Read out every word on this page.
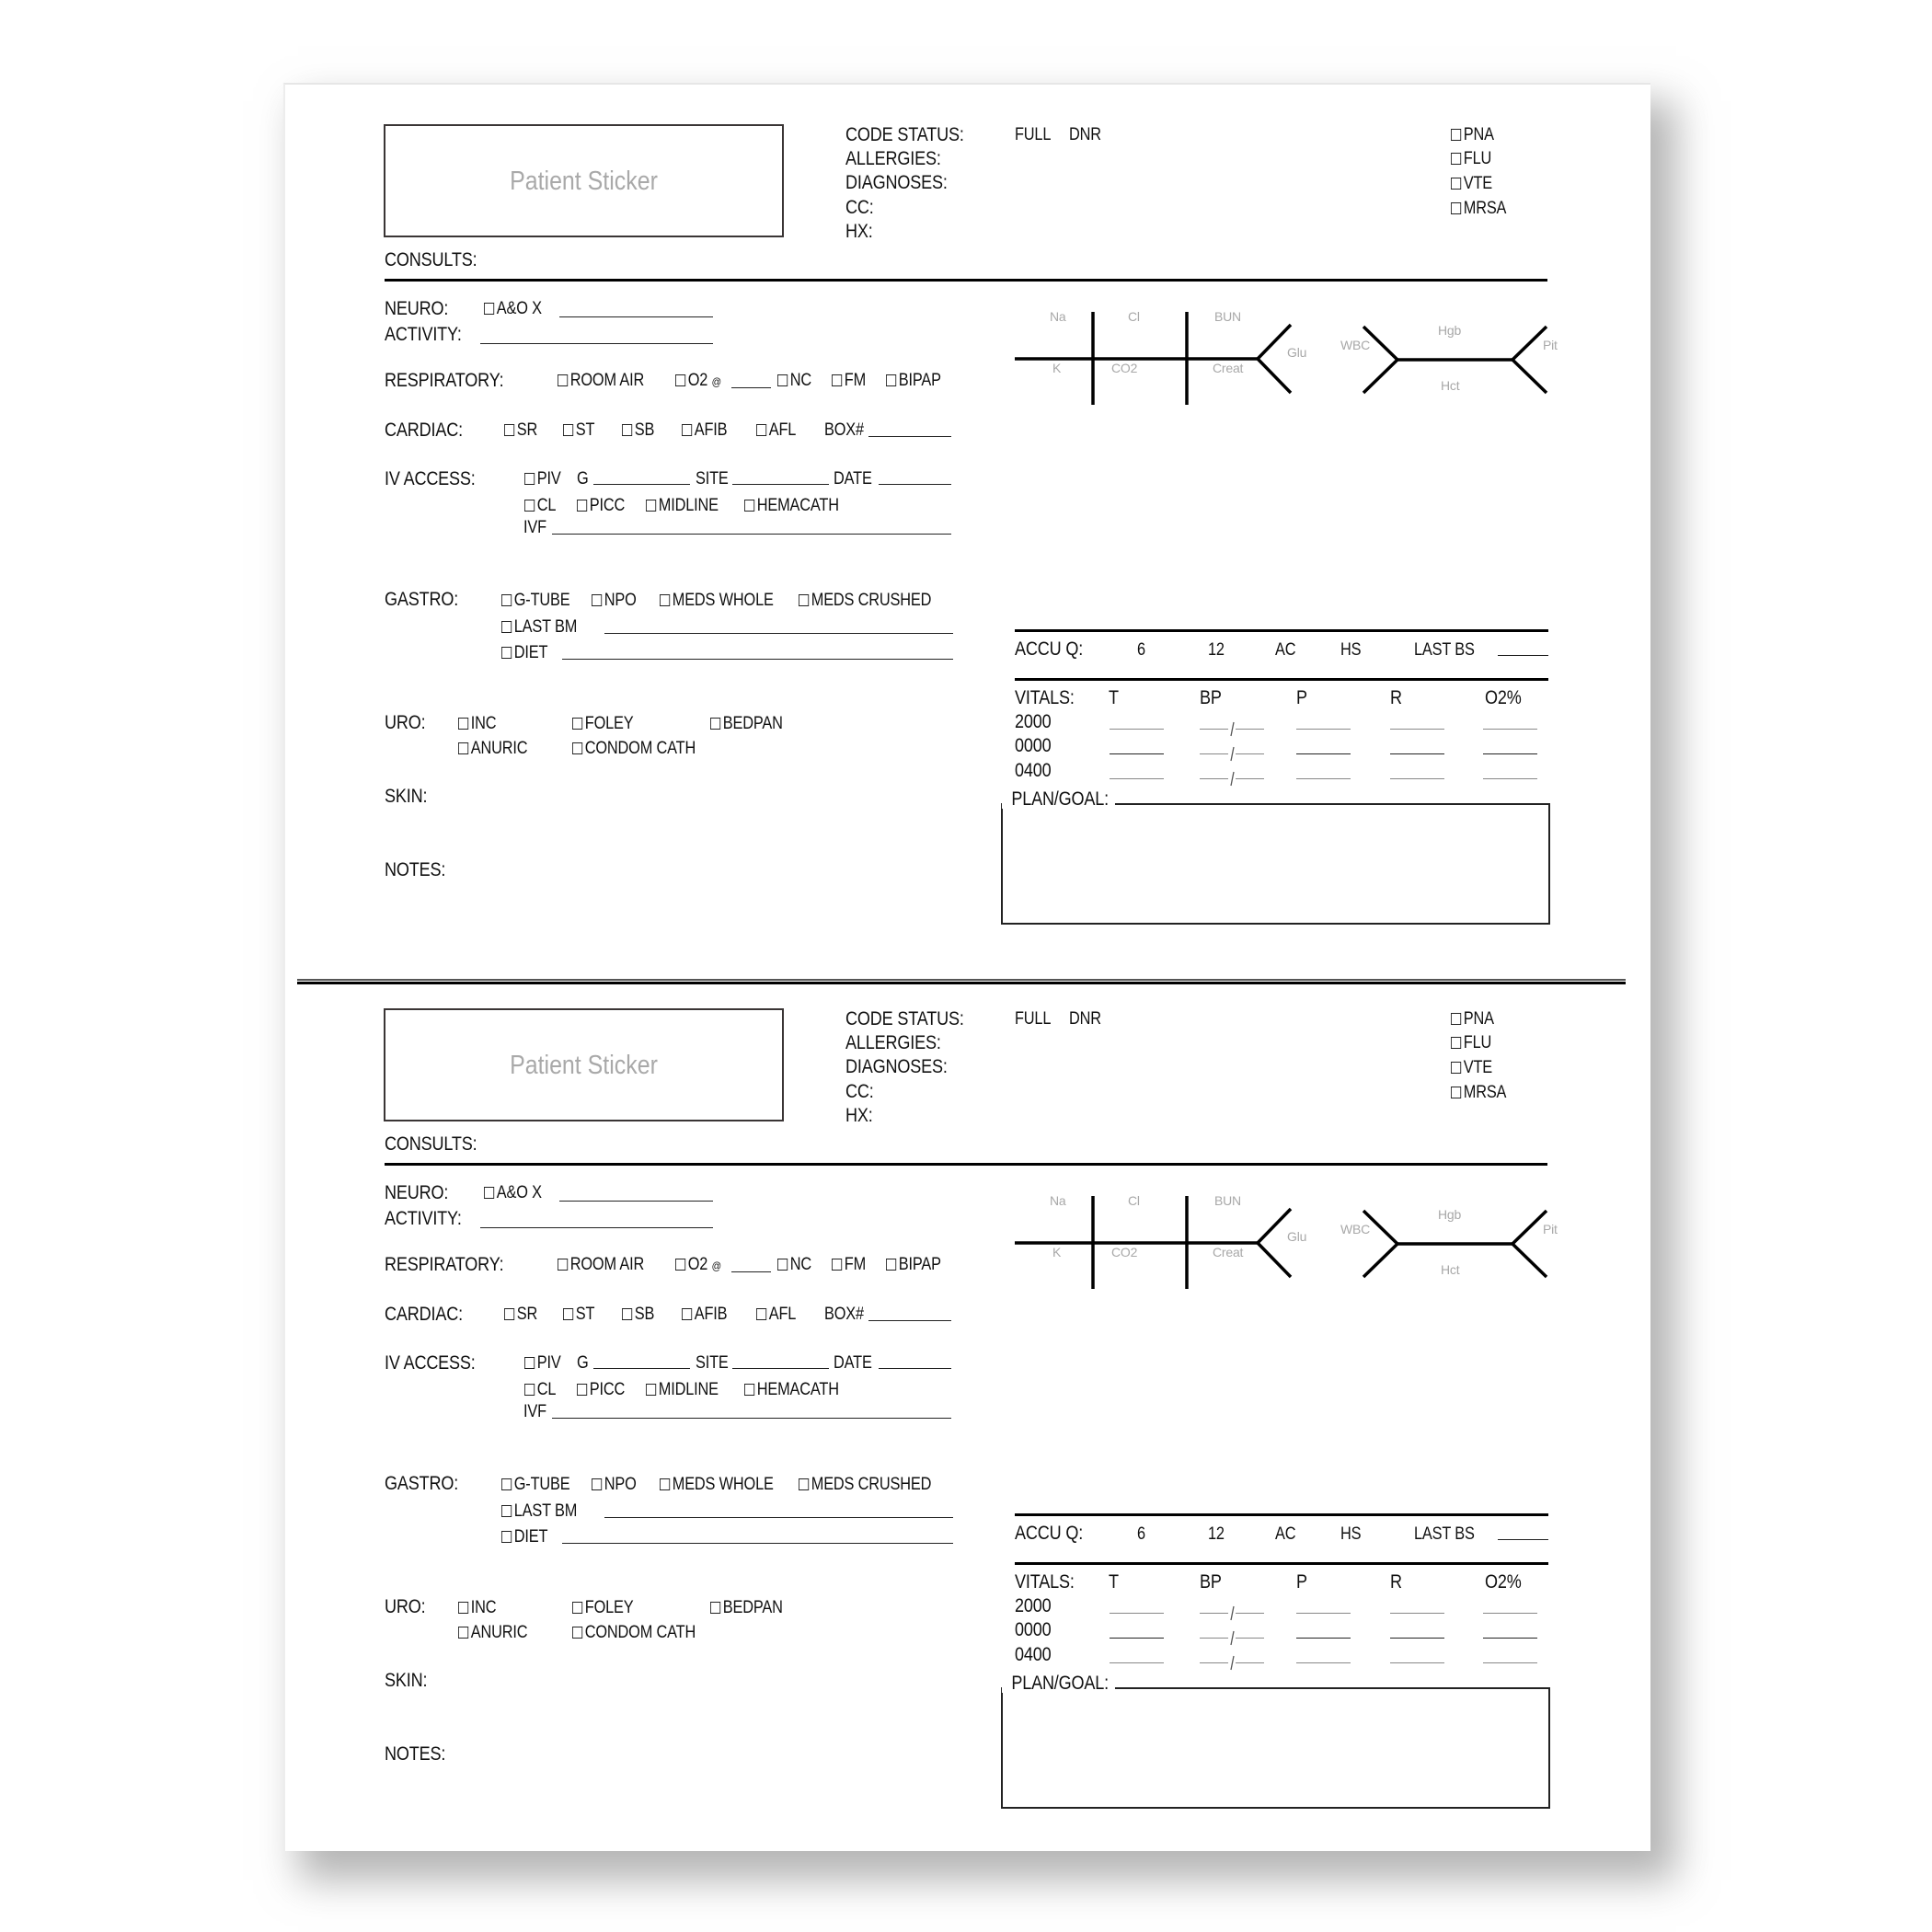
Patient Sticker
CONSULTS:
CODE STATUS:	FULL DNR
ALLERGIES:
DIAGNOSES:
CC:
HX:
PNA
FLU
VTE
MRSA
NEURO:	A&O X
ACTIVITY:
RESPIRATORY:	ROOM AIR	O2 @	NC	FM	BIPAP
CARDIAC:	SR	ST	SB	AFIB	AFL BOX#
IV ACCESS:	PIV G	SITE	DATE
CL	PICC	MIDLINE	HEMACATH
IVF
GASTRO:	G-TUBE	NPO	MEDS WHOLE	MEDS CRUSHED
LAST BM
DIET
URO:	INC	FOLEY	BEDPAN
ANURIC	CONDOM CATH
SKIN:
NOTES:
Na	Cl	BUN
K	CO2	Creat
Glu	WBC
Hgb
Hct
Pit
ACCU Q:	6	12	AC	HS	LAST BS
VITALS: T	BP	P	R	O2%
2000
0000
0400
PLAN/GOAL:
Patient Sticker
CONSULTS:
CODE STATUS:	FULL DNR
ALLERGIES:
DIAGNOSES:
CC:
HX:
PNA
FLU
VTE
MRSA
NEURO:	A&O X
ACTIVITY:
RESPIRATORY:	ROOM AIR	O2 @	NC	FM	BIPAP
CARDIAC:	SR	ST	SB	AFIB	AFL BOX#
IV ACCESS:	PIV G	SITE	DATE
CL	PICC	MIDLINE	HEMACATH
IVF
GASTRO:	G-TUBE	NPO	MEDS WHOLE	MEDS CRUSHED
LAST BM
DIET
URO:	INC	FOLEY	BEDPAN
ANURIC	CONDOM CATH
SKIN:
NOTES:
Na	Cl	BUN
K	CO2	Creat
Glu	WBC
Hgb
Hct
Pit
ACCU Q:	6	12	AC	HS	LAST BS
VITALS: T	BP	P	R	O2%
2000
0000
0400
PLAN/GOAL:
